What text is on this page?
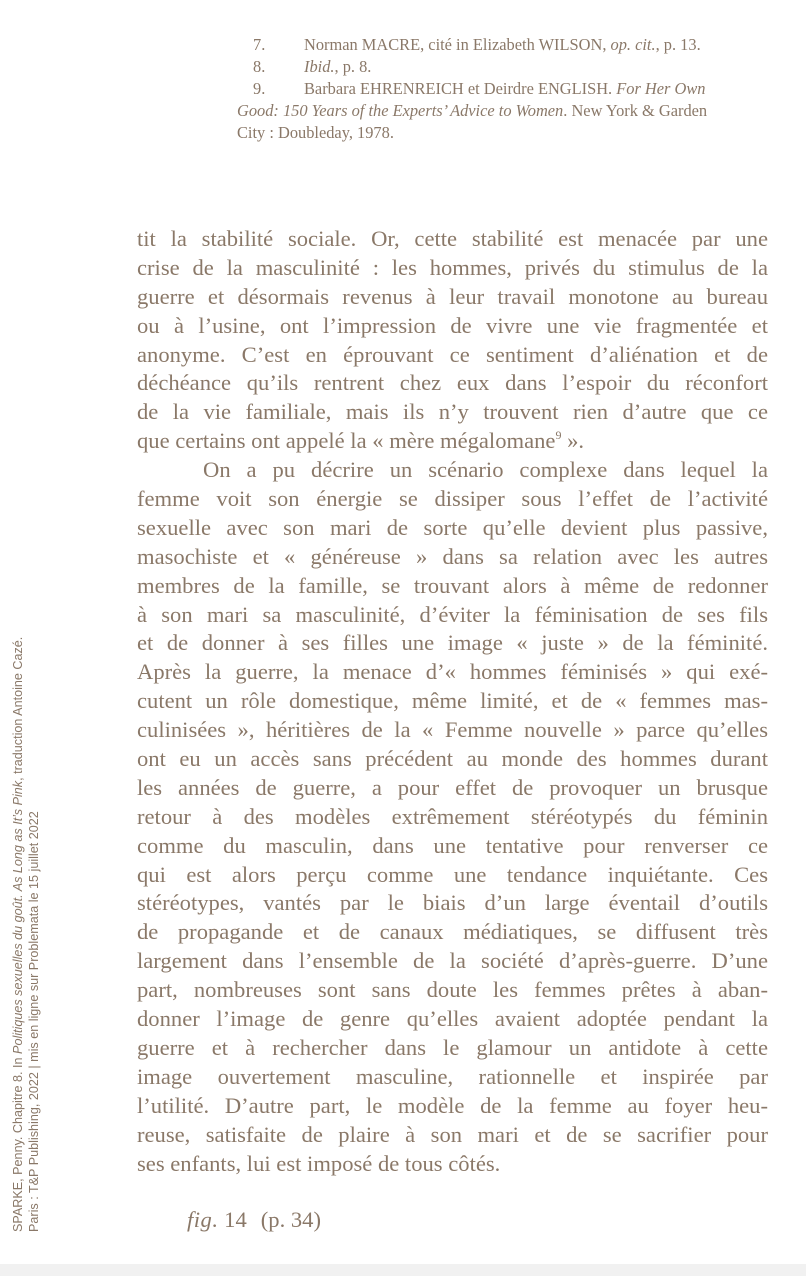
7. Norman MACRE, cité in Elizabeth WILSON, op. cit., p. 13.
8. Ibid., p. 8.
9. Barbara EHRENREICH et Deirdre ENGLISH. For Her Own
Good: 150 Years of the Experts’ Advice to Women. New York & Garden
City : Doubleday, 1978.
tit la stabilité sociale. Or, cette stabilité est menacée par une
crise de la masculinité : les hommes, privés du stimulus de la
guerre et désormais revenus à leur travail monotone au bureau
ou à l’usine, ont l’impression de vivre une vie fragmentée et
anonyme. C’est en éprouvant ce sentiment d’aliénation et de
déchéance qu’ils rentrent chez eux dans l’espoir du réconfort
de la vie familiale, mais ils n’y trouvent rien d’autre que ce
que certains ont appelé la « mère mégalomane$^9$ ».
On a pu décrire un scénario complexe dans lequel la
femme voit son énergie se dissiper sous l’effet de l’activité
sexuelle avec son mari de sorte qu’elle devient plus passive,
masochiste et « généreuse » dans sa relation avec les autres
membres de la famille, se trouvant alors à même de redonner
à son mari sa masculinité, d’éviter la féminisation de ses fils
et de donner à ses filles une image « juste » de la féminité.
Après la guerre, la menace d’« hommes féminisés » qui exé-
cutent un rôle domestique, même limité, et de « femmes mas-
culinisées », héritières de la « Femme nouvelle » parce qu’elles
ont eu un accès sans précédent au monde des hommes durant
les années de guerre, a pour effet de provoquer un brusque
retour à des modèles extrêmement stéréotypés du féminin
comme du masculin, dans une tentative pour renverser ce
qui est alors perçu comme une tendance inquiétante. Ces
stéréotypes, vantés par le biais d’un large éventail d’outils
de propagande et de canaux médiatiques, se diffusent très
largement dans l’ensemble de la société d’après-guerre. D’une
part, nombreuses sont sans doute les femmes prêtes à aban-
donner l’image de genre qu’elles avaient adoptée pendant la
guerre et à rechercher dans le glamour un antidote à cette
image ouvertement masculine, rationnelle et inspirée par
l’utilité. D’autre part, le modèle de la femme au foyer heu-
reuse, satisfaite de plaire à son mari et de se sacrifier pour
ses enfants, lui est imposé de tous côtés.
fig. 14 (p. 34)
SPARKE, Penny. Chapitre 8. In Politiques sexuelles du goût. As Long as It’s Pink, traduction Antoine Cazé.
Paris : T&P Publishing, 2022 | mis en ligne sur Problemata le 15 juillet 2022
